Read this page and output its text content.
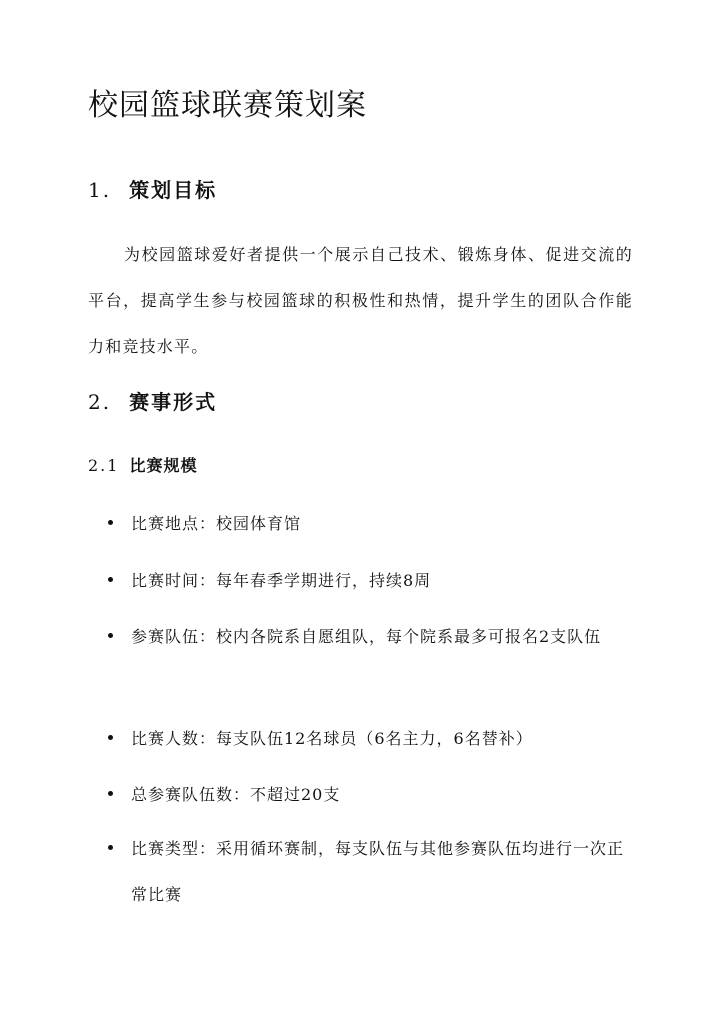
校园篮球联赛策划案
1. 策划目标

为校园篮球爱好者提供一个展示自己技术、锻炼身体、促进交流的平台，提高学生参与校园篮球的积极性和热情，提升学生的团队合作能力和竞技水平。

2. 赛事形式
2.1 比赛规模
比赛地点：校园体育馆
比赛时间：每年春季学期进行，持续8周
参赛队伍：校内各院系自愿组队，每个院系最多可报名2支队伍
比赛人数：每支队伍12名球员（6名主力，6名替补）
总参赛队伍数：不超过20支
比赛类型：采用循环赛制，每支队伍与其他参赛队伍均进行一次正常比赛
